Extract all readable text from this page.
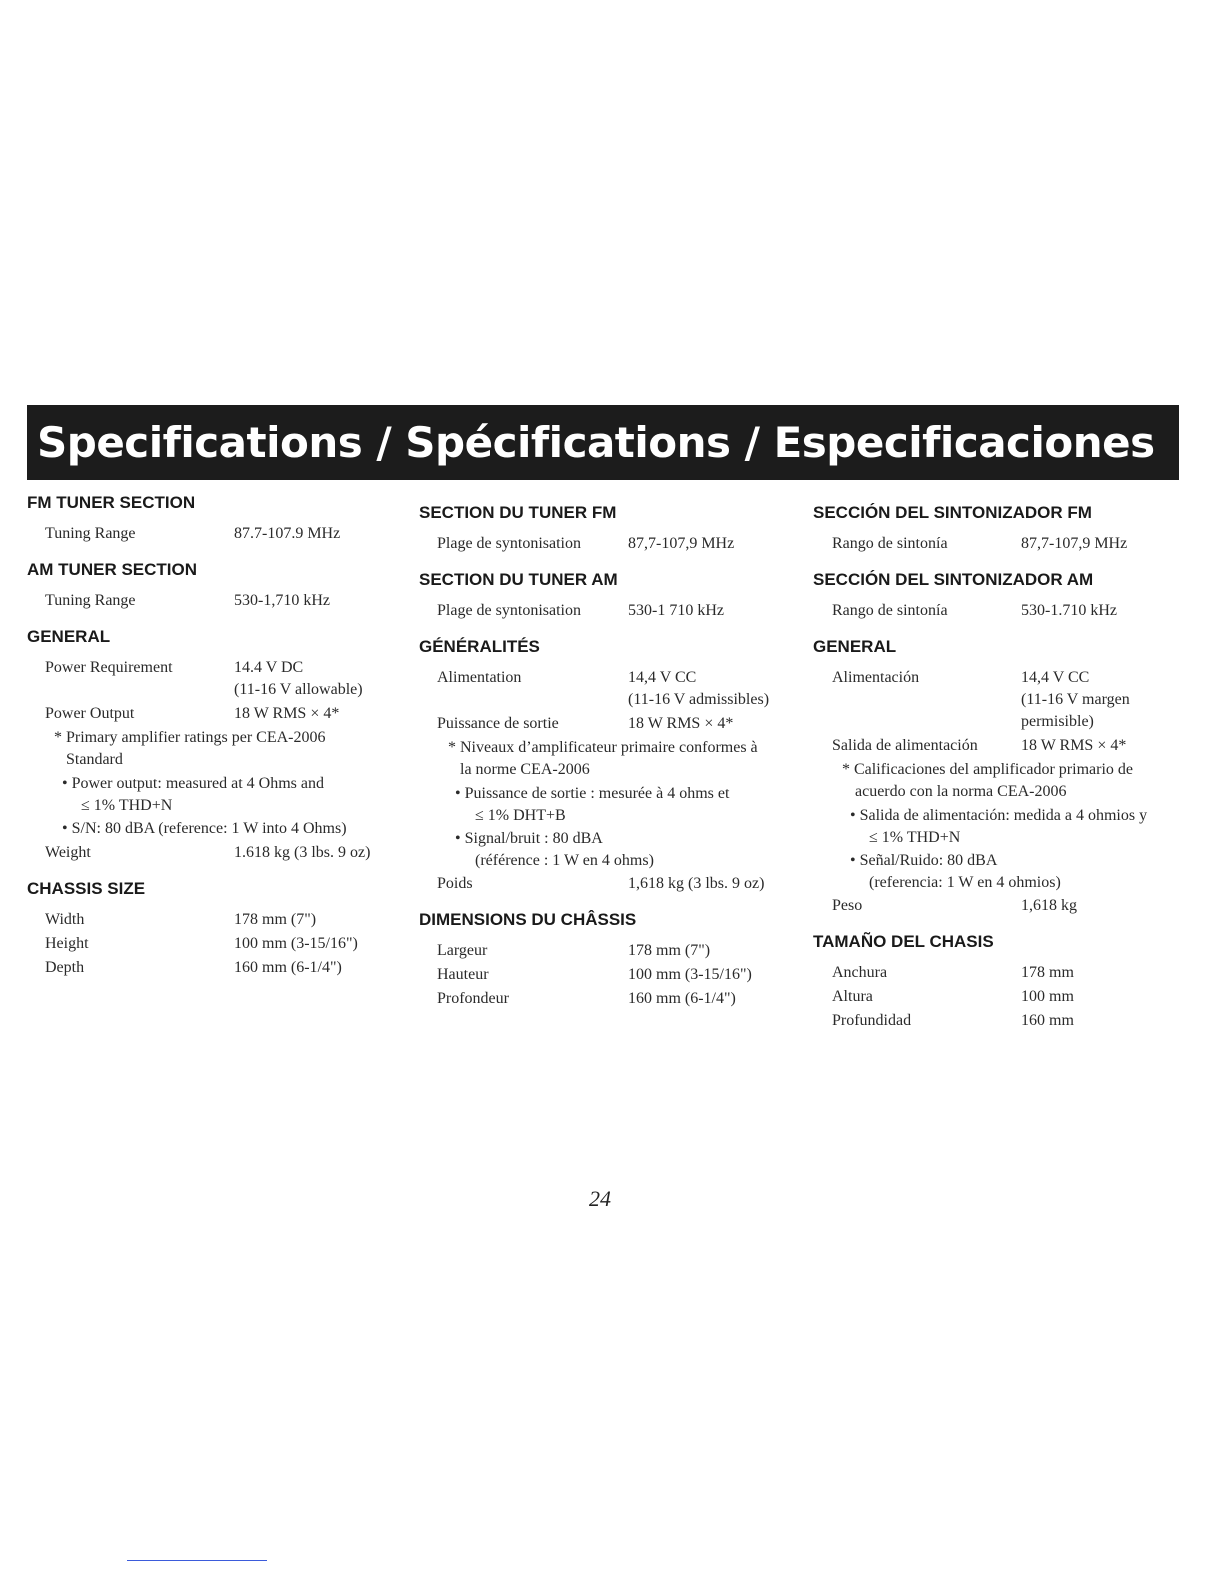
Specifications / Spécifications / Especificaciones
FM TUNER SECTION
Tuning Range	87.7-107.9 MHz
AM TUNER SECTION
Tuning Range	530-1,710 kHz
GENERAL
Power Requirement	14.4 V DC
(11-16 V allowable)
Power Output	18 W RMS × 4*
* Primary amplifier ratings per CEA-2006
Standard
• Power output: measured at 4 Ohms and
≤ 1% THD+N
• S/N: 80 dBA (reference: 1 W into 4 Ohms)
Weight	1.618 kg (3 lbs. 9 oz)
CHASSIS SIZE
Width	178 mm (7")
Height	100 mm (3-15/16")
Depth	160 mm (6-1/4")
SECTION DU TUNER FM
Plage de syntonisation	87,7-107,9 MHz
SECTION DU TUNER AM
Plage de syntonisation	530-1 710 kHz
GÉNÉRALITÉS
Alimentation	14,4 V CC
(11-16 V admissibles)
Puissance de sortie	18 W RMS × 4*
* Niveaux d’amplificateur primaire conformes à
la norme CEA-2006
• Puissance de sortie : mesurée à 4 ohms et
≤ 1% DHT+B
• Signal/bruit : 80 dBA
(référence : 1 W en 4 ohms)
Poids	1,618 kg (3 lbs. 9 oz)
DIMENSIONS DU CHÂSSIS
Largeur	178 mm (7")
Hauteur	100 mm (3-15/16")
Profondeur	160 mm (6-1/4")
SECCIÓN DEL SINTONIZADOR FM
Rango de sintonía	87,7-107,9 MHz
SECCIÓN DEL SINTONIZADOR AM
Rango de sintonía	530-1.710 kHz
GENERAL
Alimentación	14,4 V CC
(11-16 V margen
permisible)
Salida de alimentación	18 W RMS × 4*
* Calificaciones del amplificador primario de
acuerdo con la norma CEA-2006
• Salida de alimentación: medida a 4 ohmios y
≤ 1% THD+N
• Señal/Ruido: 80 dBA
(referencia: 1 W en 4 ohmios)
Peso	1,618 kg
TAMAÑO DEL CHASIS
Anchura	178 mm
Altura	100 mm
Profundidad	160 mm
24
